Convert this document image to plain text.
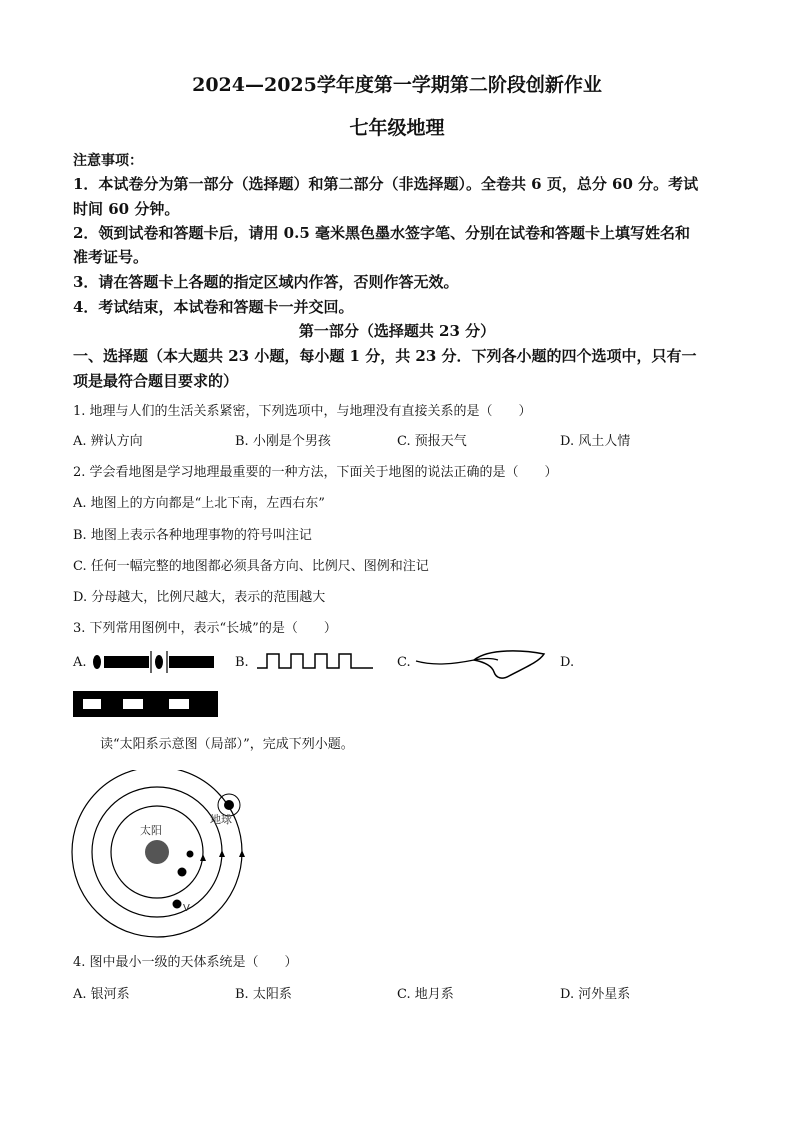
2024—2025学年度第一学期第二阶段创新作业
七年级地理
注意事项：
1．本试卷分为第一部分（选择题）和第二部分（非选择题）。全卷共 6 页，总分 60 分。考试
时间 60 分钟。
2．领到试卷和答题卡后，请用 0.5 毫米黑色墨水签字笔、分别在试卷和答题卡上填写姓名和
准考证号。
3．请在答题卡上各题的指定区域内作答，否则作答无效。
4．考试结束，本试卷和答题卡一并交回。
第一部分（选择题共 23 分）
一、选择题（本大题共 23 小题，每小题 1 分，共 23 分．下列各小题的四个选项中，只有一
项是最符合题目要求的）
1. 地理与人们的生活关系紧密，下列选项中，与地理没有直接关系的是（　　）
A. 辨认方向	B. 小刚是个男孩	C. 预报天气	D. 风土人情
2. 学会看地图是学习地理最重要的一种方法，下面关于地图的说法正确的是（　　）
A. 地图上的方向都是“上北下南，左西右东”
B. 地图上表示各种地理事物的符号叫注记
C. 任何一幅完整的地图都必须具备方向、比例尺、图例和注记
D. 分母越大，比例尺越大，表示的范围越大
3. 下列常用图例中，表示“长城”的是（　　）
A.	B.	C.	D.
读“太阳系示意图（局部）”，完成下列小题。
太阳
地球
V
4. 图中最小一级的天体系统是（　　）
A. 银河系	B. 太阳系	C. 地月系	D. 河外星系
